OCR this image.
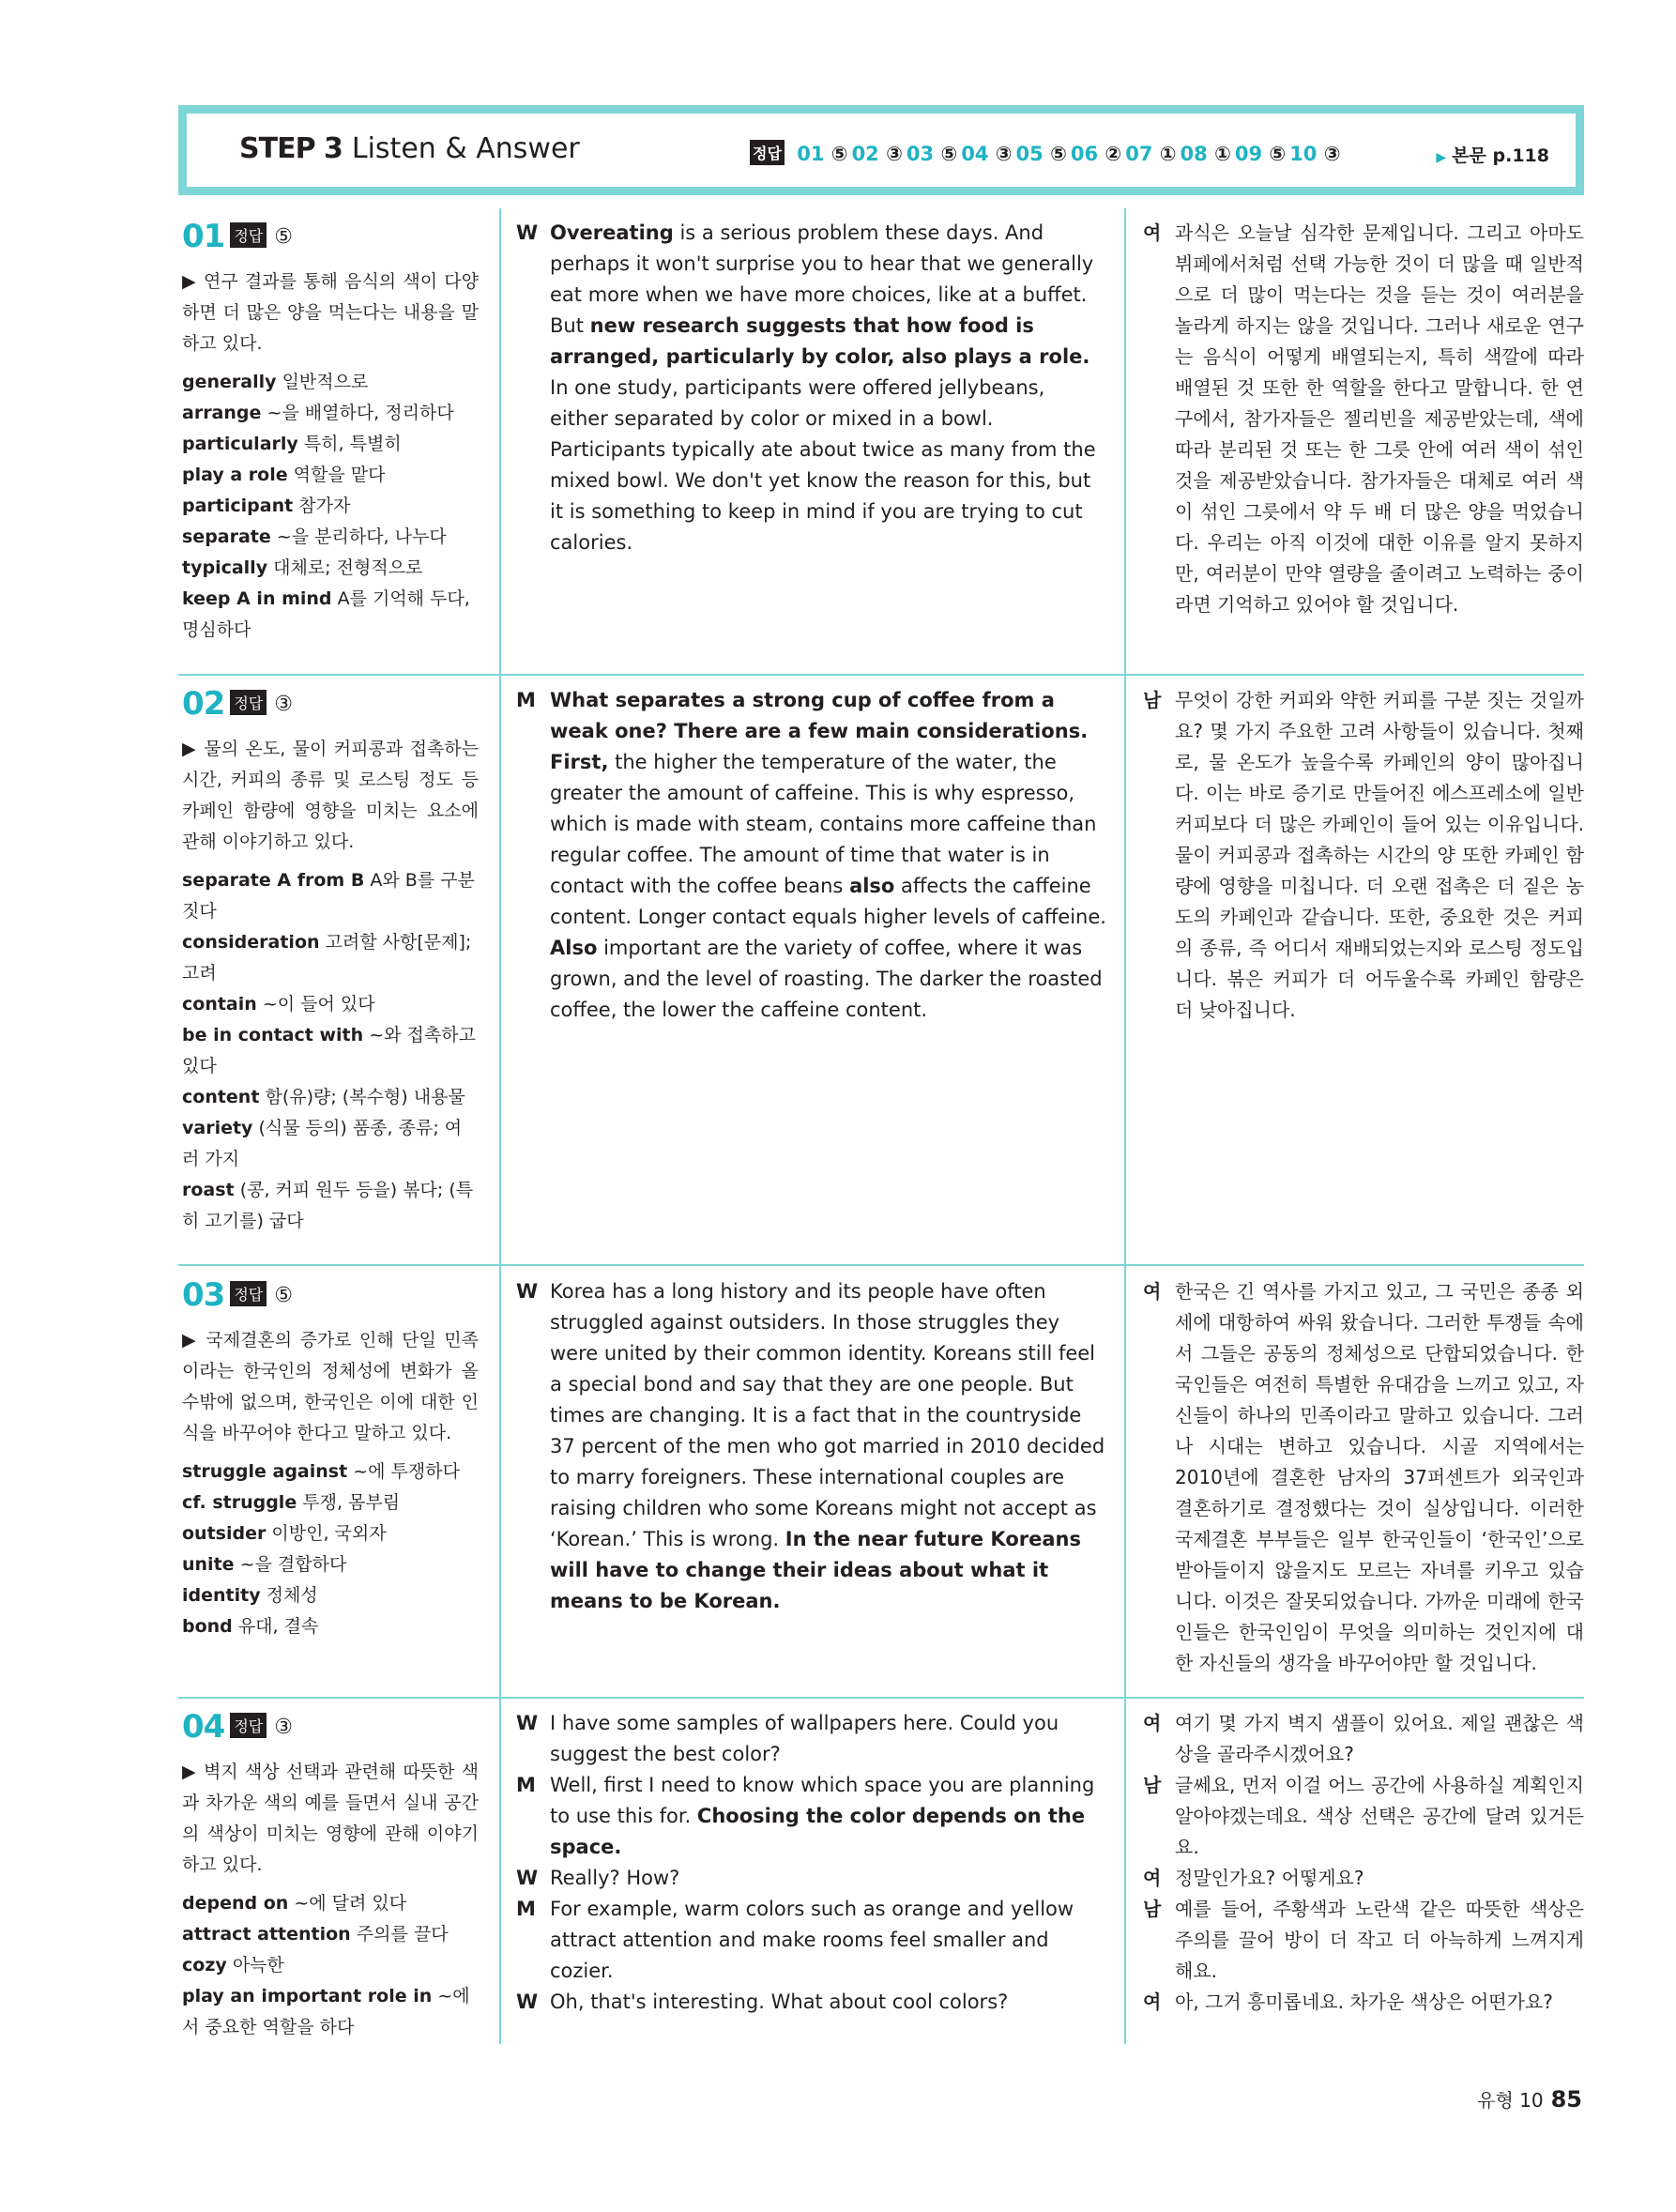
STEP 3 Listen & Answer	정답 01 ⑤ 02 ③ 03 ⑤ 04 ③ 05 ⑤ 06 ② 07 ① 08 ① 09 ⑤ 10 ③	▶ 본문 p.118
01 정답 ⑤
▶ 연구 결과를 통해 음식의 색이 다양하면 더 많은 양을 먹는다는 내용을 말하고 있다.
generally 일반적으로
arrange ~을 배열하다, 정리하다
particularly 특히, 특별히
play a role 역할을 맡다
participant 참가자
separate ~을 분리하다, 나누다
typically 대체로; 전형적으로
keep A in mind A를 기억해 두다, 명심하다
W Overeating is a serious problem these days. And perhaps it won't surprise you to hear that we generally eat more when we have more choices, like at a buffet. But new research suggests that how food is arranged, particularly by color, also plays a role. In one study, participants were offered jellybeans, either separated by color or mixed in a bowl. Participants typically ate about twice as many from the mixed bowl. We don't yet know the reason for this, but it is something to keep in mind if you are trying to cut calories.
여 과식은 오늘날 심각한 문제입니다. 그리고 아마도 뷔페에서처럼 선택 가능한 것이 더 많을 때 일반적으로 더 많이 먹는다는 것을 듣는 것이 여러분을 놀라게 하지는 않을 것입니다. 그러나 새로운 연구는 음식이 어떻게 배열되는지, 특히 색깔에 따라 배열된 것 또한 한 역할을 한다고 말합니다. 한 연구에서, 참가자들은 젤리빈을 제공받았는데, 색에 따라 분리된 것 또는 한 그릇 안에 여러 색이 섞인 것을 제공받았습니다. 참가자들은 대체로 여러 색이 섞인 그릇에서 약 두 배 더 많은 양을 먹었습니다. 우리는 아직 이것에 대한 이유를 알지 못하지만, 여러분이 만약 열량을 줄이려고 노력하는 중이라면 기억하고 있어야 할 것입니다.
02 정답 ③
▶ 물의 온도, 물이 커피콩과 접촉하는 시간, 커피의 종류 및 로스팅 정도 등 카페인 함량에 영향을 미치는 요소에 관해 이야기하고 있다.
separate A from B A와 B를 구분 짓다
consideration 고려할 사항[문제]; 고려
contain ~이 들어 있다
be in contact with ~와 접촉하고 있다
content 함(유)량; (복수형) 내용물
variety (식물 등의) 품종, 종류; 여러 가지
roast (콩, 커피 원두 등을) 볶다; (특히 고기를) 굽다
M What separates a strong cup of coffee from a weak one? There are a few main considerations. First, the higher the temperature of the water, the greater the amount of caffeine. This is why espresso, which is made with steam, contains more caffeine than regular coffee. The amount of time that water is in contact with the coffee beans also affects the caffeine content. Longer contact equals higher levels of caffeine. Also important are the variety of coffee, where it was grown, and the level of roasting. The darker the roasted coffee, the lower the caffeine content.
남 무엇이 강한 커피와 약한 커피를 구분 짓는 것일까요? 몇 가지 주요한 고려 사항들이 있습니다. 첫째로, 물 온도가 높을수록 카페인의 양이 많아집니다. 이는 바로 증기로 만들어진 에스프레소에 일반 커피보다 더 많은 카페인이 들어 있는 이유입니다. 물이 커피콩과 접촉하는 시간의 양 또한 카페인 함량에 영향을 미칩니다. 더 오랜 접촉은 더 짙은 농도의 카페인과 같습니다. 또한, 중요한 것은 커피의 종류, 즉 어디서 재배되었는지와 로스팅 정도입니다. 볶은 커피가 더 어두울수록 카페인 함량은 더 낮아집니다.
03 정답 ⑤
▶ 국제결혼의 증가로 인해 단일 민족이라는 한국인의 정체성에 변화가 올 수밖에 없으며, 한국인은 이에 대한 인식을 바꾸어야 한다고 말하고 있다.
struggle against ~에 투쟁하다
cf. struggle 투쟁, 몸부림
outsider 이방인, 국외자
unite ~을 결합하다
identity 정체성
bond 유대, 결속
W Korea has a long history and its people have often struggled against outsiders. In those struggles they were united by their common identity. Koreans still feel a special bond and say that they are one people. But times are changing. It is a fact that in the countryside 37 percent of the men who got married in 2010 decided to marry foreigners. These international couples are raising children who some Koreans might not accept as ‘Korean.’ This is wrong. In the near future Koreans will have to change their ideas about what it means to be Korean.
여 한국은 긴 역사를 가지고 있고, 그 국민은 종종 외세에 대항하여 싸워 왔습니다. 그러한 투쟁들 속에서 그들은 공동의 정체성으로 단합되었습니다. 한국인들은 여전히 특별한 유대감을 느끼고 있고, 자신들이 하나의 민족이라고 말하고 있습니다. 그러나 시대는 변하고 있습니다. 시골 지역에서는 2010년에 결혼한 남자의 37퍼센트가 외국인과 결혼하기로 결정했다는 것이 실상입니다. 이러한 국제결혼 부부들은 일부 한국인들이 ‘한국인’으로 받아들이지 않을지도 모르는 자녀를 키우고 있습니다. 이것은 잘못되었습니다. 가까운 미래에 한국인들은 한국인임이 무엇을 의미하는 것인지에 대한 자신들의 생각을 바꾸어야만 할 것입니다.
04 정답 ③
▶ 벽지 색상 선택과 관련해 따뜻한 색과 차가운 색의 예를 들면서 실내 공간의 색상이 미치는 영향에 관해 이야기하고 있다.
depend on ~에 달려 있다
attract attention 주의를 끌다
cozy 아늑한
play an important role in ~에서 중요한 역할을 하다
W I have some samples of wallpapers here. Could you suggest the best color?
M Well, first I need to know which space you are planning to use this for. Choosing the color depends on the space.
W Really? How?
M For example, warm colors such as orange and yellow attract attention and make rooms feel smaller and cozier.
W Oh, that's interesting. What about cool colors?
여 여기 몇 가지 벽지 샘플이 있어요. 제일 괜찮은 색상을 골라주시겠어요?
남 글쎄요, 먼저 이걸 어느 공간에 사용하실 계획인지 알아야겠는데요. 색상 선택은 공간에 달려 있거든요.
여 정말인가요? 어떻게요?
남 예를 들어, 주황색과 노란색 같은 따뜻한 색상은 주의를 끌어 방이 더 작고 더 아늑하게 느껴지게 해요.
여 아, 그거 흥미롭네요. 차가운 색상은 어떤가요?
유형 10 85
